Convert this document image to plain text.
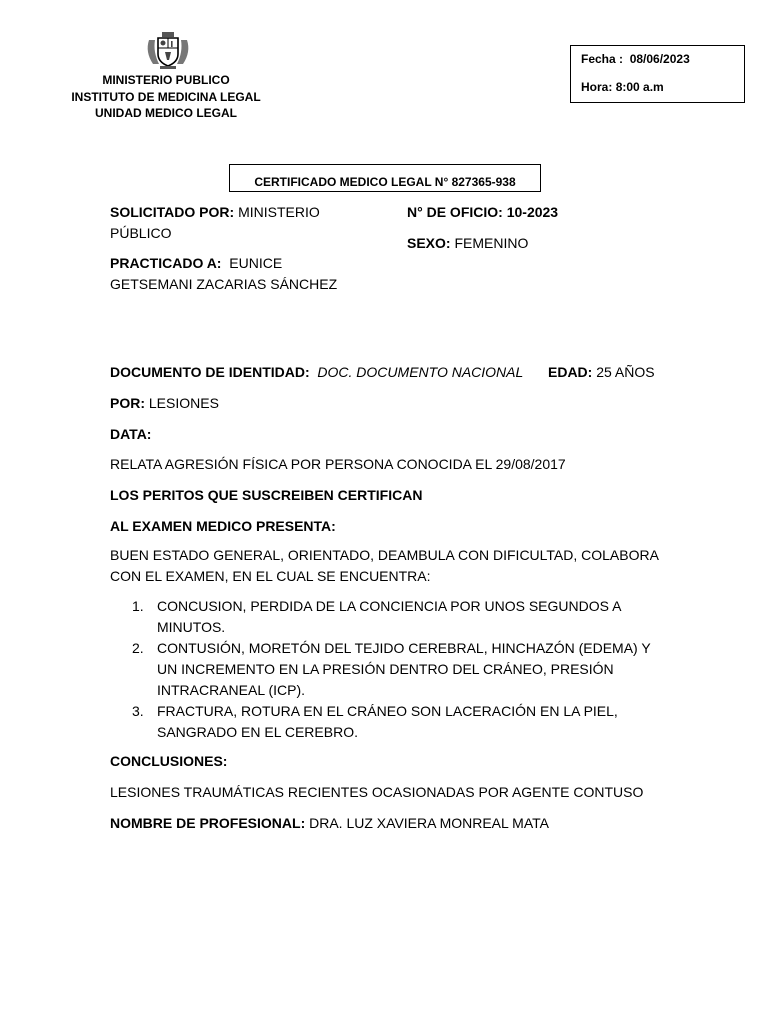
MINISTERIO PUBLICO
INSTITUTO DE MEDICINA LEGAL
UNIDAD MEDICO LEGAL
Fecha : 08/06/2023
Hora: 8:00 a.m
CERTIFICADO MEDICO LEGAL N° 827365-938
SOLICITADO POR: MINISTERIO
PÚBLICO
PRACTICADO A: EUNICE
GETSEMANI ZACARIAS SÁNCHEZ
N° DE OFICIO: 10-2023
SEXO: FEMENINO
DOCUMENTO DE IDENTIDAD: DOC. DOCUMENTO NACIONAL EDAD: 25 AÑOS
POR: LESIONES
DATA:
RELATA AGRESIÓN FÍSICA POR PERSONA CONOCIDA EL 29/08/2017
LOS PERITOS QUE SUSCREIBEN CERTIFICAN
AL EXAMEN MEDICO PRESENTA:
BUEN ESTADO GENERAL, ORIENTADO, DEAMBULA CON DIFICULTAD, COLABORA
CON EL EXAMEN, EN EL CUAL SE ENCUENTRA:
1. CONCUSION, PERDIDA DE LA CONCIENCIA POR UNOS SEGUNDOS A
MINUTOS.
2. CONTUSIÓN, MORETÓN DEL TEJIDO CEREBRAL, HINCHAZÓN (EDEMA) Y
UN INCREMENTO EN LA PRESIÓN DENTRO DEL CRÁNEO, PRESIÓN
INTRACRANEAL (ICP).
3. FRACTURA, ROTURA EN EL CRÁNEO SON LACERACIÓN EN LA PIEL,
SANGRADO EN EL CEREBRO.
CONCLUSIONES:
LESIONES TRAUMÁTICAS RECIENTES OCASIONADAS POR AGENTE CONTUSO
NOMBRE DE PROFESIONAL: DRA. LUZ XAVIERA MONREAL MATA
